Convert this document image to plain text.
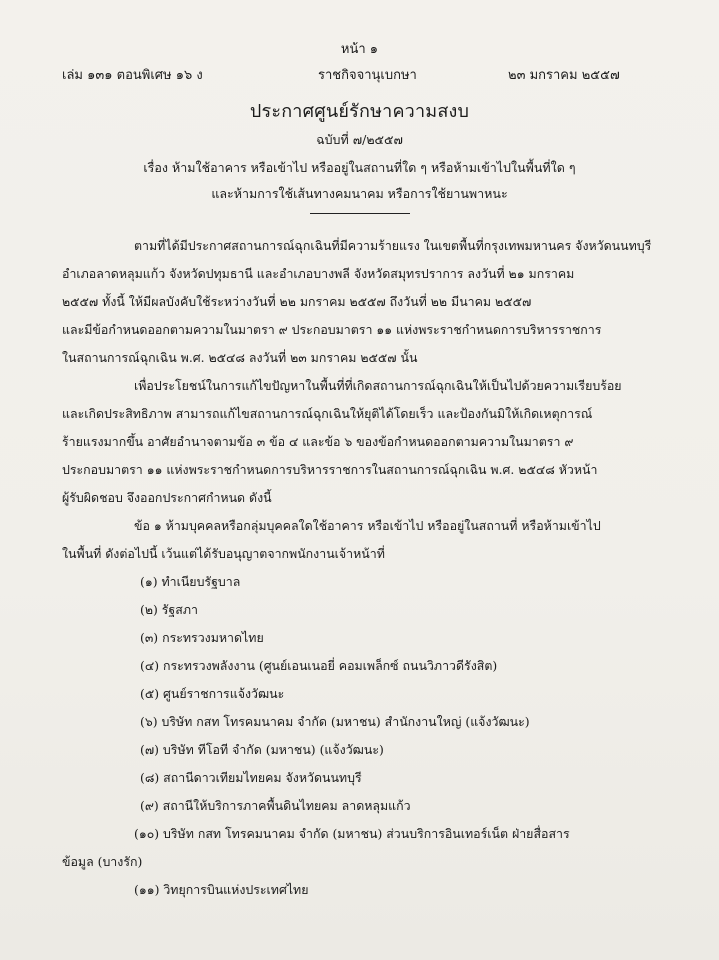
หน้า ๑
เล่ม ๑๓๑ ตอนพิเศษ ๑๖ ง	ราชกิจจานุเบกษา	๒๓ มกราคม ๒๕๕๗
ประกาศศูนย์รักษาความสงบ
ฉบับที่ ๗/๒๕๕๗
เรื่อง ห้ามใช้อาคาร หรือเข้าไป หรืออยู่ในสถานที่ใด ๆ หรือห้ามเข้าไปในพื้นที่ใด ๆ
และห้ามการใช้เส้นทางคมนาคม หรือการใช้ยานพาหนะ
ตามที่ได้มีประกาศสถานการณ์ฉุกเฉินที่มีความร้ายแรง ในเขตพื้นที่กรุงเทพมหานคร จังหวัดนนทบุรี
อำเภอลาดหลุมแก้ว จังหวัดปทุมธานี และอำเภอบางพลี จังหวัดสมุทรปราการ ลงวันที่ ๒๑ มกราคม
๒๕๕๗ ทั้งนี้ ให้มีผลบังคับใช้ระหว่างวันที่ ๒๒ มกราคม ๒๕๕๗ ถึงวันที่ ๒๒ มีนาคม ๒๕๕๗
และมีข้อกำหนดออกตามความในมาตรา ๙ ประกอบมาตรา ๑๑ แห่งพระราชกำหนดการบริหารราชการ
ในสถานการณ์ฉุกเฉิน พ.ศ. ๒๕๔๘ ลงวันที่ ๒๓ มกราคม ๒๕๕๗ นั้น
เพื่อประโยชน์ในการแก้ไขปัญหาในพื้นที่ที่เกิดสถานการณ์ฉุกเฉินให้เป็นไปด้วยความเรียบร้อย
และเกิดประสิทธิภาพ สามารถแก้ไขสถานการณ์ฉุกเฉินให้ยุติได้โดยเร็ว และป้องกันมิให้เกิดเหตุการณ์
ร้ายแรงมากขึ้น อาศัยอำนาจตามข้อ ๓ ข้อ ๔ และข้อ ๖ ของข้อกำหนดออกตามความในมาตรา ๙
ประกอบมาตรา ๑๑ แห่งพระราชกำหนดการบริหารราชการในสถานการณ์ฉุกเฉิน พ.ศ. ๒๕๔๘ หัวหน้า
ผู้รับผิดชอบ จึงออกประกาศกำหนด ดังนี้
ข้อ ๑ ห้ามบุคคลหรือกลุ่มบุคคลใดใช้อาคาร หรือเข้าไป หรืออยู่ในสถานที่ หรือห้ามเข้าไป
ในพื้นที่ ดังต่อไปนี้ เว้นแต่ได้รับอนุญาตจากพนักงานเจ้าหน้าที่
(๑) ทำเนียบรัฐบาล
(๒) รัฐสภา
(๓) กระทรวงมหาดไทย
(๔) กระทรวงพลังงาน (ศูนย์เอนเนอยี่ คอมเพล็กซ์ ถนนวิภาวดีรังสิต)
(๕) ศูนย์ราชการแจ้งวัฒนะ
(๖) บริษัท กสท โทรคมนาคม จำกัด (มหาชน) สำนักงานใหญ่ (แจ้งวัฒนะ)
(๗) บริษัท ทีโอที จำกัด (มหาชน) (แจ้งวัฒนะ)
(๘) สถานีดาวเทียมไทยคม จังหวัดนนทบุรี
(๙) สถานีให้บริการภาคพื้นดินไทยคม ลาดหลุมแก้ว
(๑๐) บริษัท กสท โทรคมนาคม จำกัด (มหาชน) ส่วนบริการอินเทอร์เน็ต ฝ่ายสื่อสาร
ข้อมูล (บางรัก)
(๑๑) วิทยุการบินแห่งประเทศไทย
